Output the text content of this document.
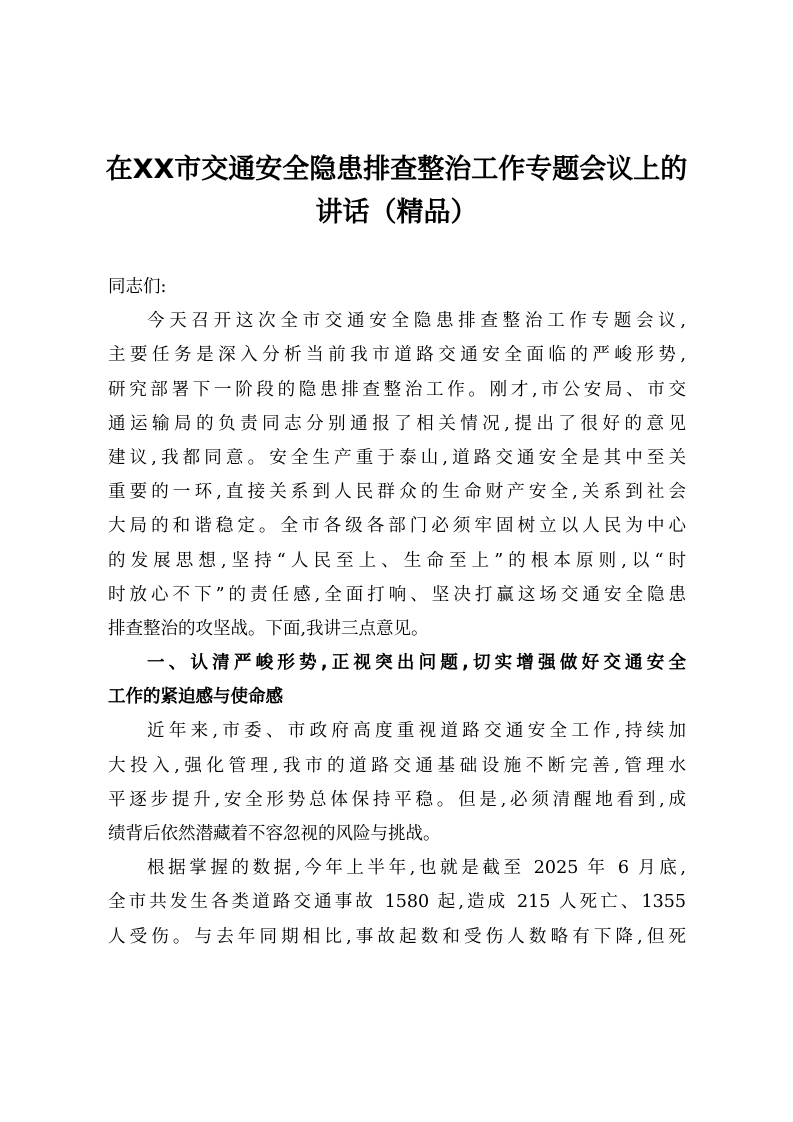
在XX市交通安全隐患排查整治工作专题会议上的
讲话（精品）
同志们:
今天召开这次全市交通安全隐患排查整治工作专题会议,
主要任务是深入分析当前我市道路交通安全面临的严峻形势,
研究部署下一阶段的隐患排查整治工作。刚才,市公安局、市交
通运输局的负责同志分别通报了相关情况,提出了很好的意见
建议,我都同意。安全生产重于泰山,道路交通安全是其中至关
重要的一环,直接关系到人民群众的生命财产安全,关系到社会
大局的和谐稳定。全市各级各部门必须牢固树立以人民为中心
的发展思想,坚持“人民至上、生命至上”的根本原则,以“时
时放心不下”的责任感,全面打响、坚决打赢这场交通安全隐患
排查整治的攻坚战。下面,我讲三点意见。
一、认清严峻形势,正视突出问题,切实增强做好交通安全
工作的紧迫感与使命感
近年来,市委、市政府高度重视道路交通安全工作,持续加
大投入,强化管理,我市的道路交通基础设施不断完善,管理水
平逐步提升,安全形势总体保持平稳。但是,必须清醒地看到,成
绩背后依然潜藏着不容忽视的风险与挑战。
根据掌握的数据,今年上半年,也就是截至 2025 年 6 月底,
全市共发生各类道路交通事故 1580 起,造成 215 人死亡、1355
人受伤。与去年同期相比,事故起数和受伤人数略有下降,但死
